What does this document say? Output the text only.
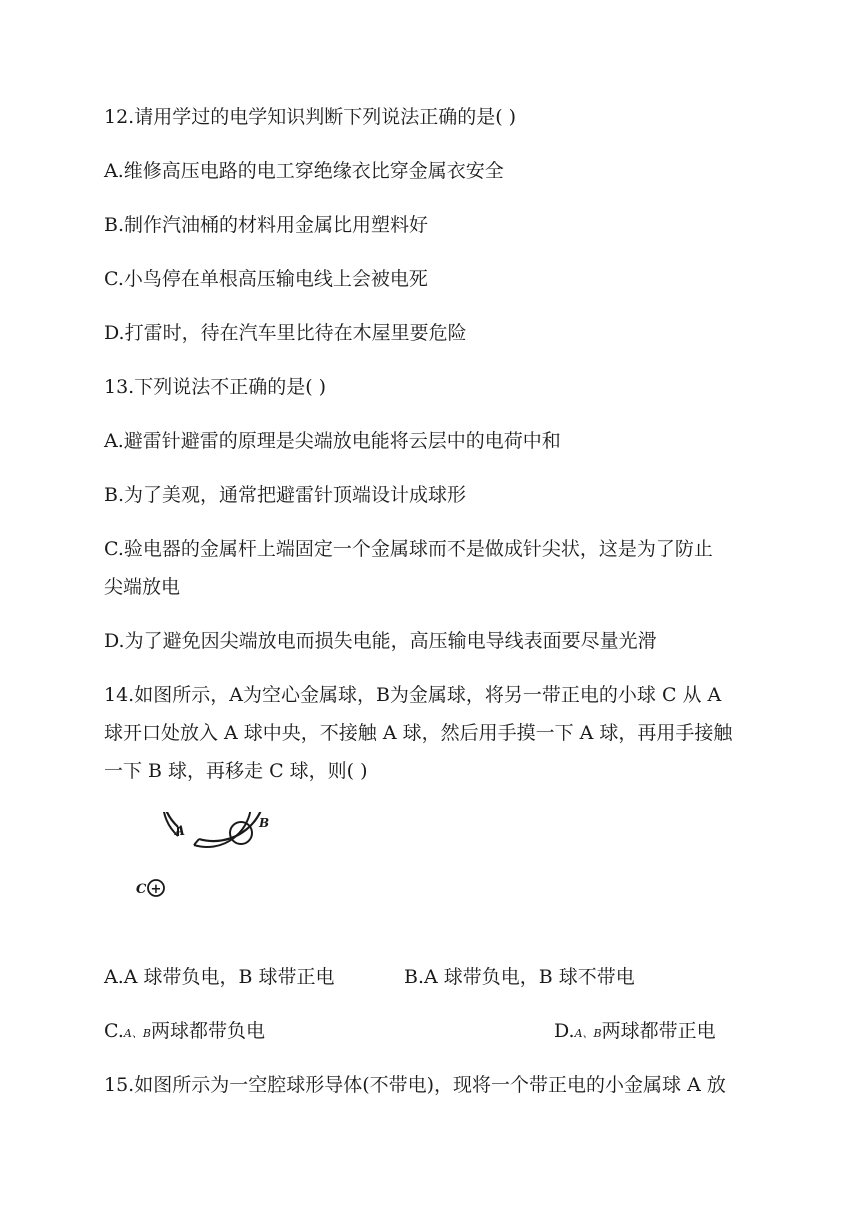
12.请用学过的电学知识判断下列说法正确的是( )
A.维修高压电路的电工穿绝缘衣比穿金属衣安全
B.制作汽油桶的材料用金属比用塑料好
C.小鸟停在单根高压输电线上会被电死
D.打雷时，待在汽车里比待在木屋里要危险
13.下列说法不正确的是( )
A.避雷针避雷的原理是尖端放电能将云层中的电荷中和
B.为了美观，通常把避雷针顶端设计成球形
C.验电器的金属杆上端固定一个金属球而不是做成针尖状，这是为了防止
尖端放电
D.为了避免因尖端放电而损失电能，高压输电导线表面要尽量光滑
14.如图所示，A为空心金属球，B为金属球，将另一带正电的小球 C 从 A
球开口处放入 A 球中央，不接触 A 球，然后用手摸一下 A 球，再用手接触
一下 B 球，再移走 C 球，则( )
A
B
C +
A.A 球带负电，B 球带正电	B.A 球带负电，B 球不带电
C.A、B两球都带负电	D.A、B两球都带正电
15.如图所示为一空腔球形导体(不带电)，现将一个带正电的小金属球 A 放
